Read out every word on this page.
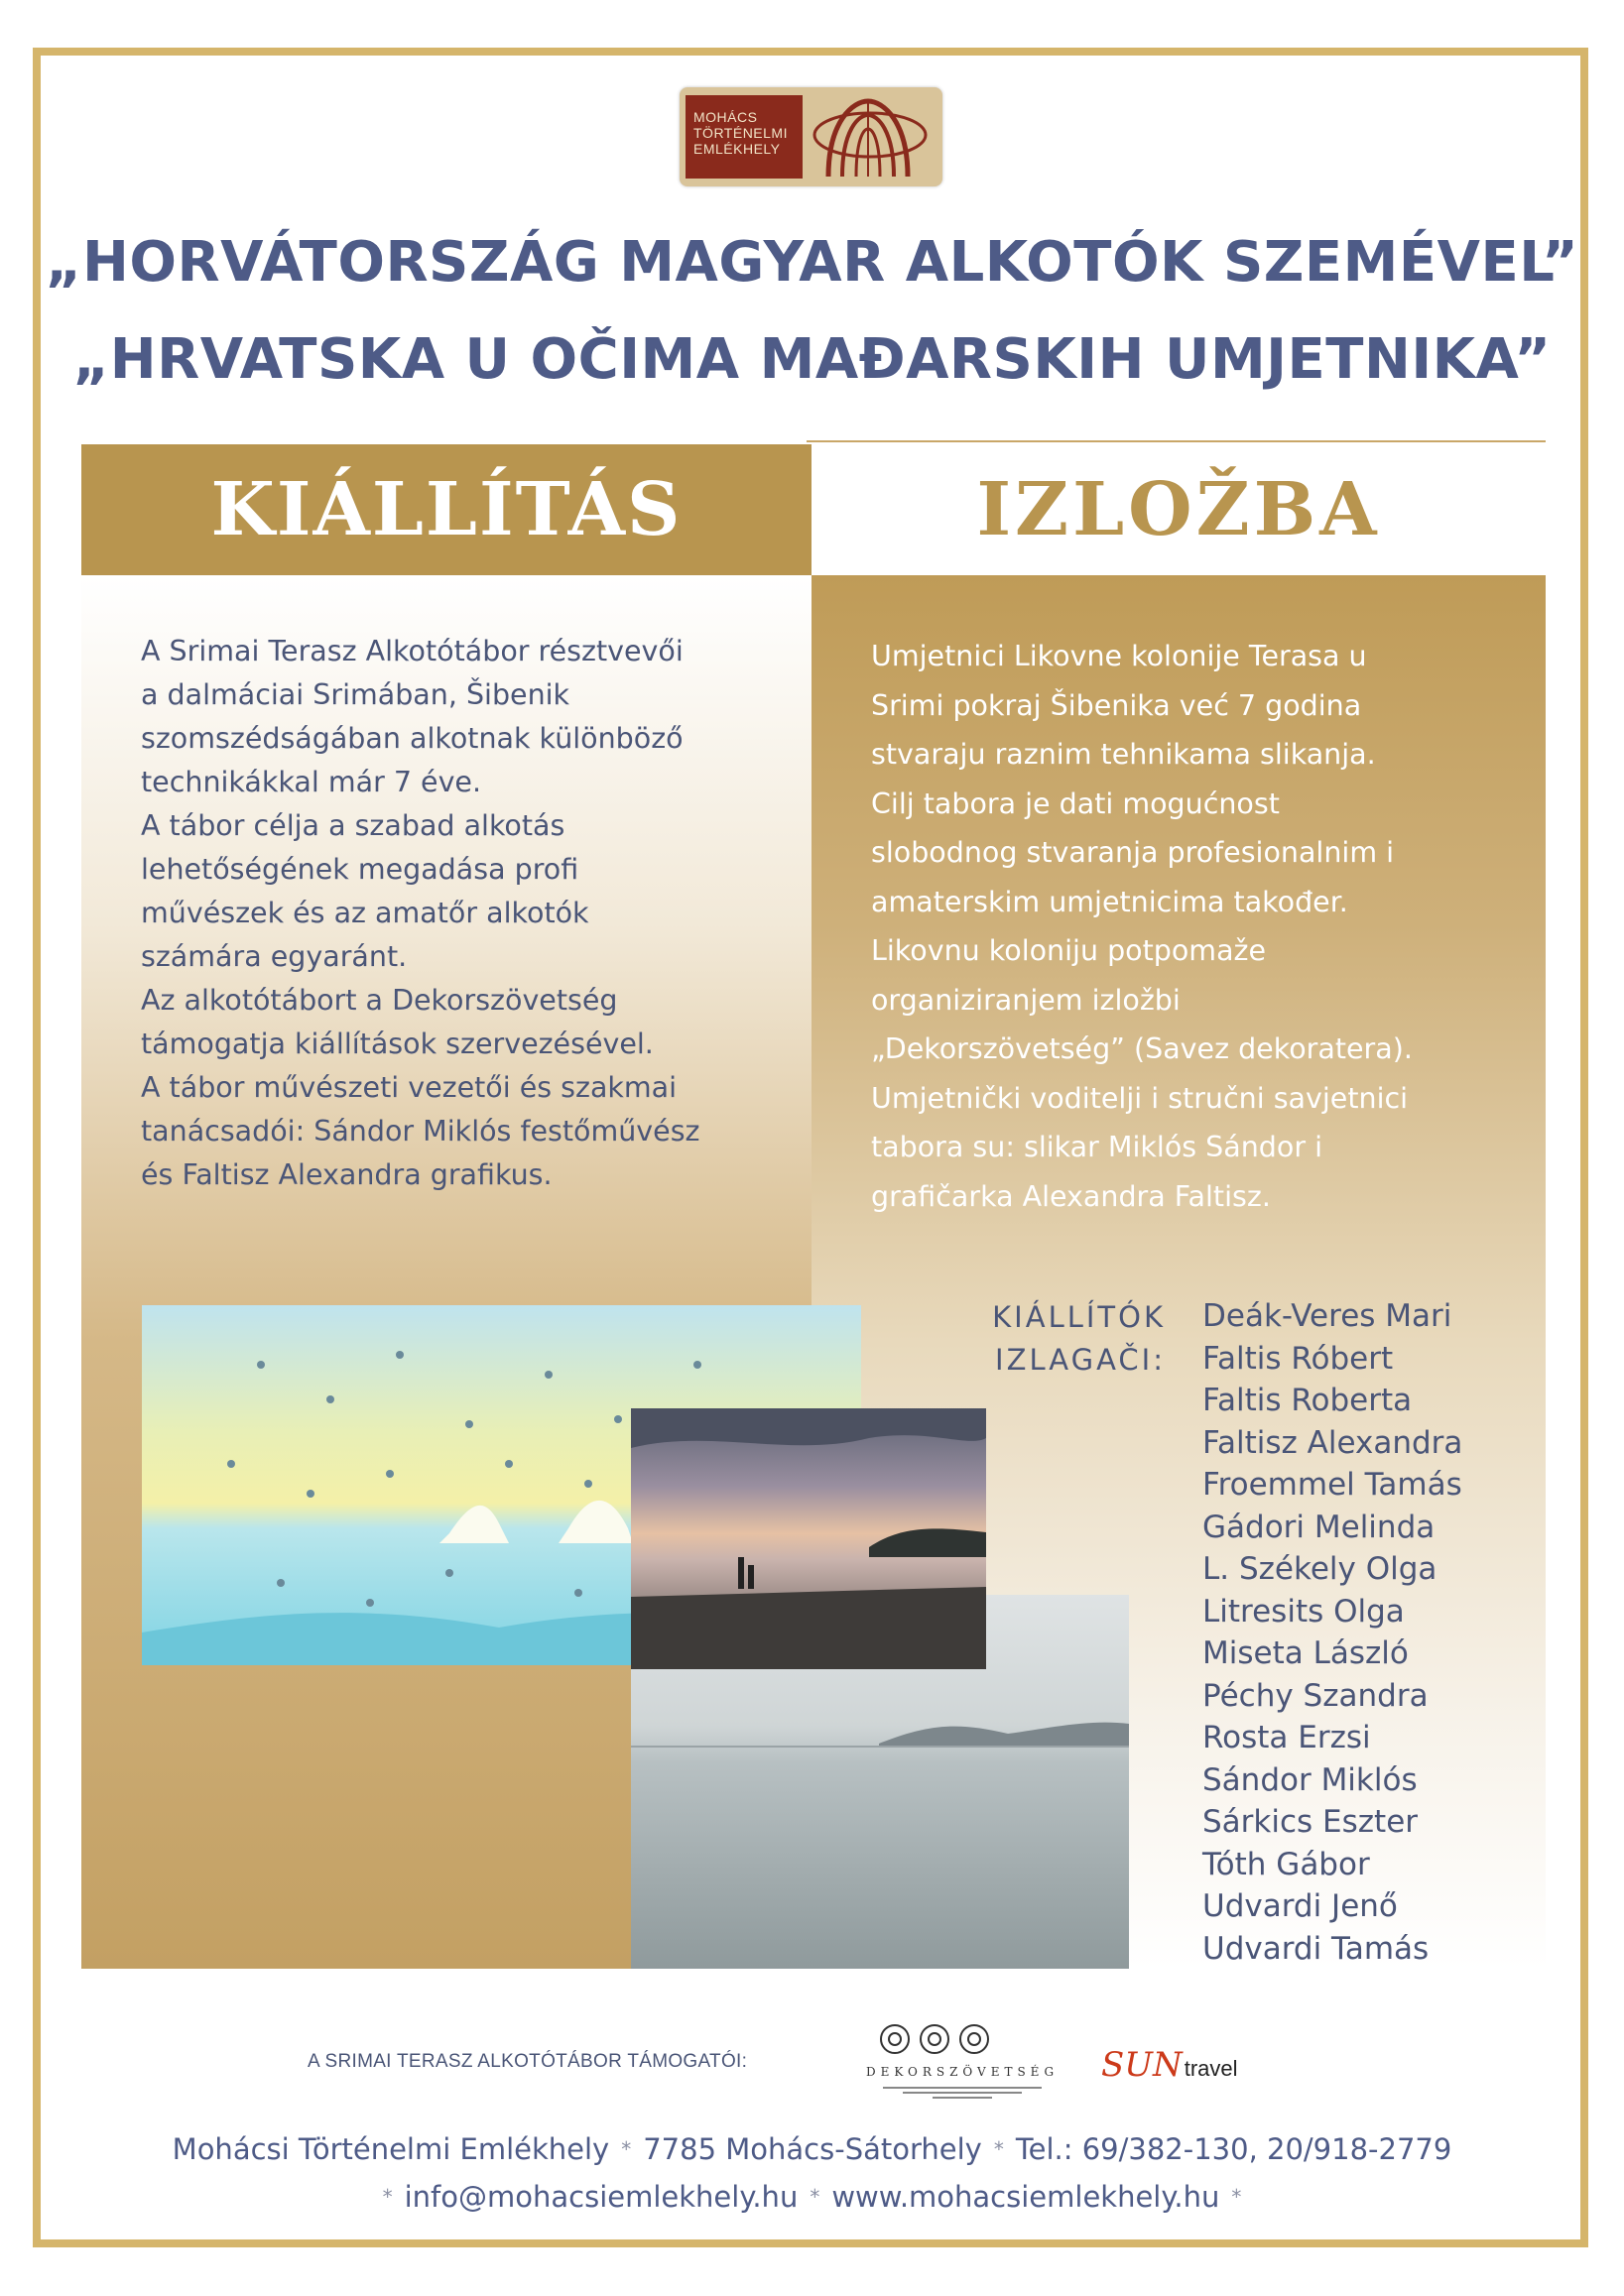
MOHÁCS
TÖRTÉNELMI
EMLÉKHELY
„HORVÁTORSZÁG MAGYAR ALKOTÓK SZEMÉVEL”
„HRVATSKA U OČIMA MAĐARSKIH UMJETNIKA”
KIÁLLÍTÁS	IZLOŽBA
A Srimai Terasz Alkotótábor résztvevői
a dalmáciai Srimában, Šibenik
szomszédságában alkotnak különböző
technikákkal már 7 éve.
A tábor célja a szabad alkotás
lehetőségének megadása profi
művészek és az amatőr alkotók
számára egyaránt.
Az alkotótábort a Dekorszövetség
támogatja kiállítások szervezésével.
A tábor művészeti vezetői és szakmai
tanácsadói: Sándor Miklós festőművész
és Faltisz Alexandra grafikus.
Umjetnici Likovne kolonije Terasa u
Srimi pokraj Šibenika već 7 godina
stvaraju raznim tehnikama slikanja.
Cilj tabora je dati mogućnost
slobodnog stvaranja profesionalnim i
amaterskim umjetnicima također.
Likovnu koloniju potpomaže
organiziranjem izložbi
„Dekorszövetség” (Savez dekoratera).
Umjetnički voditelji i stručni savjetnici
tabora su: slikar Miklós Sándor i
grafičarka Alexandra Faltisz.
KIÁLLÍTÓK
IZLAGAČI:
Deák-Veres Mari
Faltis Róbert
Faltis Roberta
Faltisz Alexandra
Froemmel Tamás
Gádori Melinda
L. Székely Olga
Litresits Olga
Miseta László
Péchy Szandra
Rosta Erzsi
Sándor Miklós
Sárkics Eszter
Tóth Gábor
Udvardi Jenő
Udvardi Tamás
A SRIMAI TERASZ ALKOTÓTÁBOR TÁMOGATÓI:	DEKORSZÖVETSÉG SUNtravel

Mohácsi Történelmi Emlékhely * 7785 Mohács-Sátorhely * Tel.: 69/382-130, 20/918-2779

* info@mohacsiemlekhely.hu * www.mohacsiemlekhely.hu *
